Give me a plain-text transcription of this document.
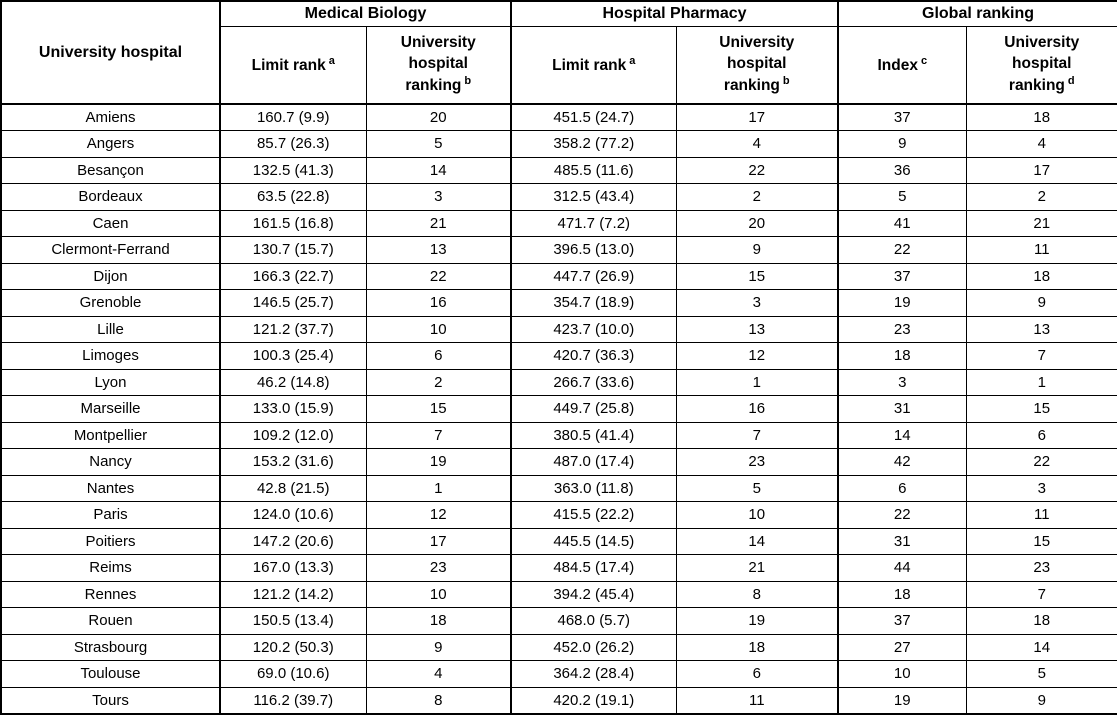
University hospital	Medical Biology		Hospital Pharmacy		Global ranking	
	Limit rank $^a$	University hospital ranking $^b$	Limit rank $^a$	University hospital ranking $^b$	Index $^c$	University hospital ranking $^d$
Amiens	160.7 (9.9)	20	451.5 (24.7)	17	37	18
Angers	85.7 (26.3)	5	358.2 (77.2)	4	9	4
Besançon	132.5 (41.3)	14	485.5 (11.6)	22	36	17
Bordeaux	63.5 (22.8)	3	312.5 (43.4)	2	5	2
Caen	161.5 (16.8)	21	471.7 (7.2)	20	41	21
Clermont-Ferrand	130.7 (15.7)	13	396.5 (13.0)	9	22	11
Dijon	166.3 (22.7)	22	447.7 (26.9)	15	37	18
Grenoble	146.5 (25.7)	16	354.7 (18.9)	3	19	9
Lille	121.2 (37.7)	10	423.7 (10.0)	13	23	13
Limoges	100.3 (25.4)	6	420.7 (36.3)	12	18	7
Lyon	46.2 (14.8)	2	266.7 (33.6)	1	3	1
Marseille	133.0 (15.9)	15	449.7 (25.8)	16	31	15
Montpellier	109.2 (12.0)	7	380.5 (41.4)	7	14	6
Nancy	153.2 (31.6)	19	487.0 (17.4)	23	42	22
Nantes	42.8 (21.5)	1	363.0 (11.8)	5	6	3
Paris	124.0 (10.6)	12	415.5 (22.2)	10	22	11
Poitiers	147.2 (20.6)	17	445.5 (14.5)	14	31	15
Reims	167.0 (13.3)	23	484.5 (17.4)	21	44	23
Rennes	121.2 (14.2)	10	394.2 (45.4)	8	18	7
Rouen	150.5 (13.4)	18	468.0 (5.7)	19	37	18
Strasbourg	120.2 (50.3)	9	452.0 (26.2)	18	27	14
Toulouse	69.0 (10.6)	4	364.2 (28.4)	6	10	5
Tours	116.2 (39.7)	8	420.2 (19.1)	11	19	9
